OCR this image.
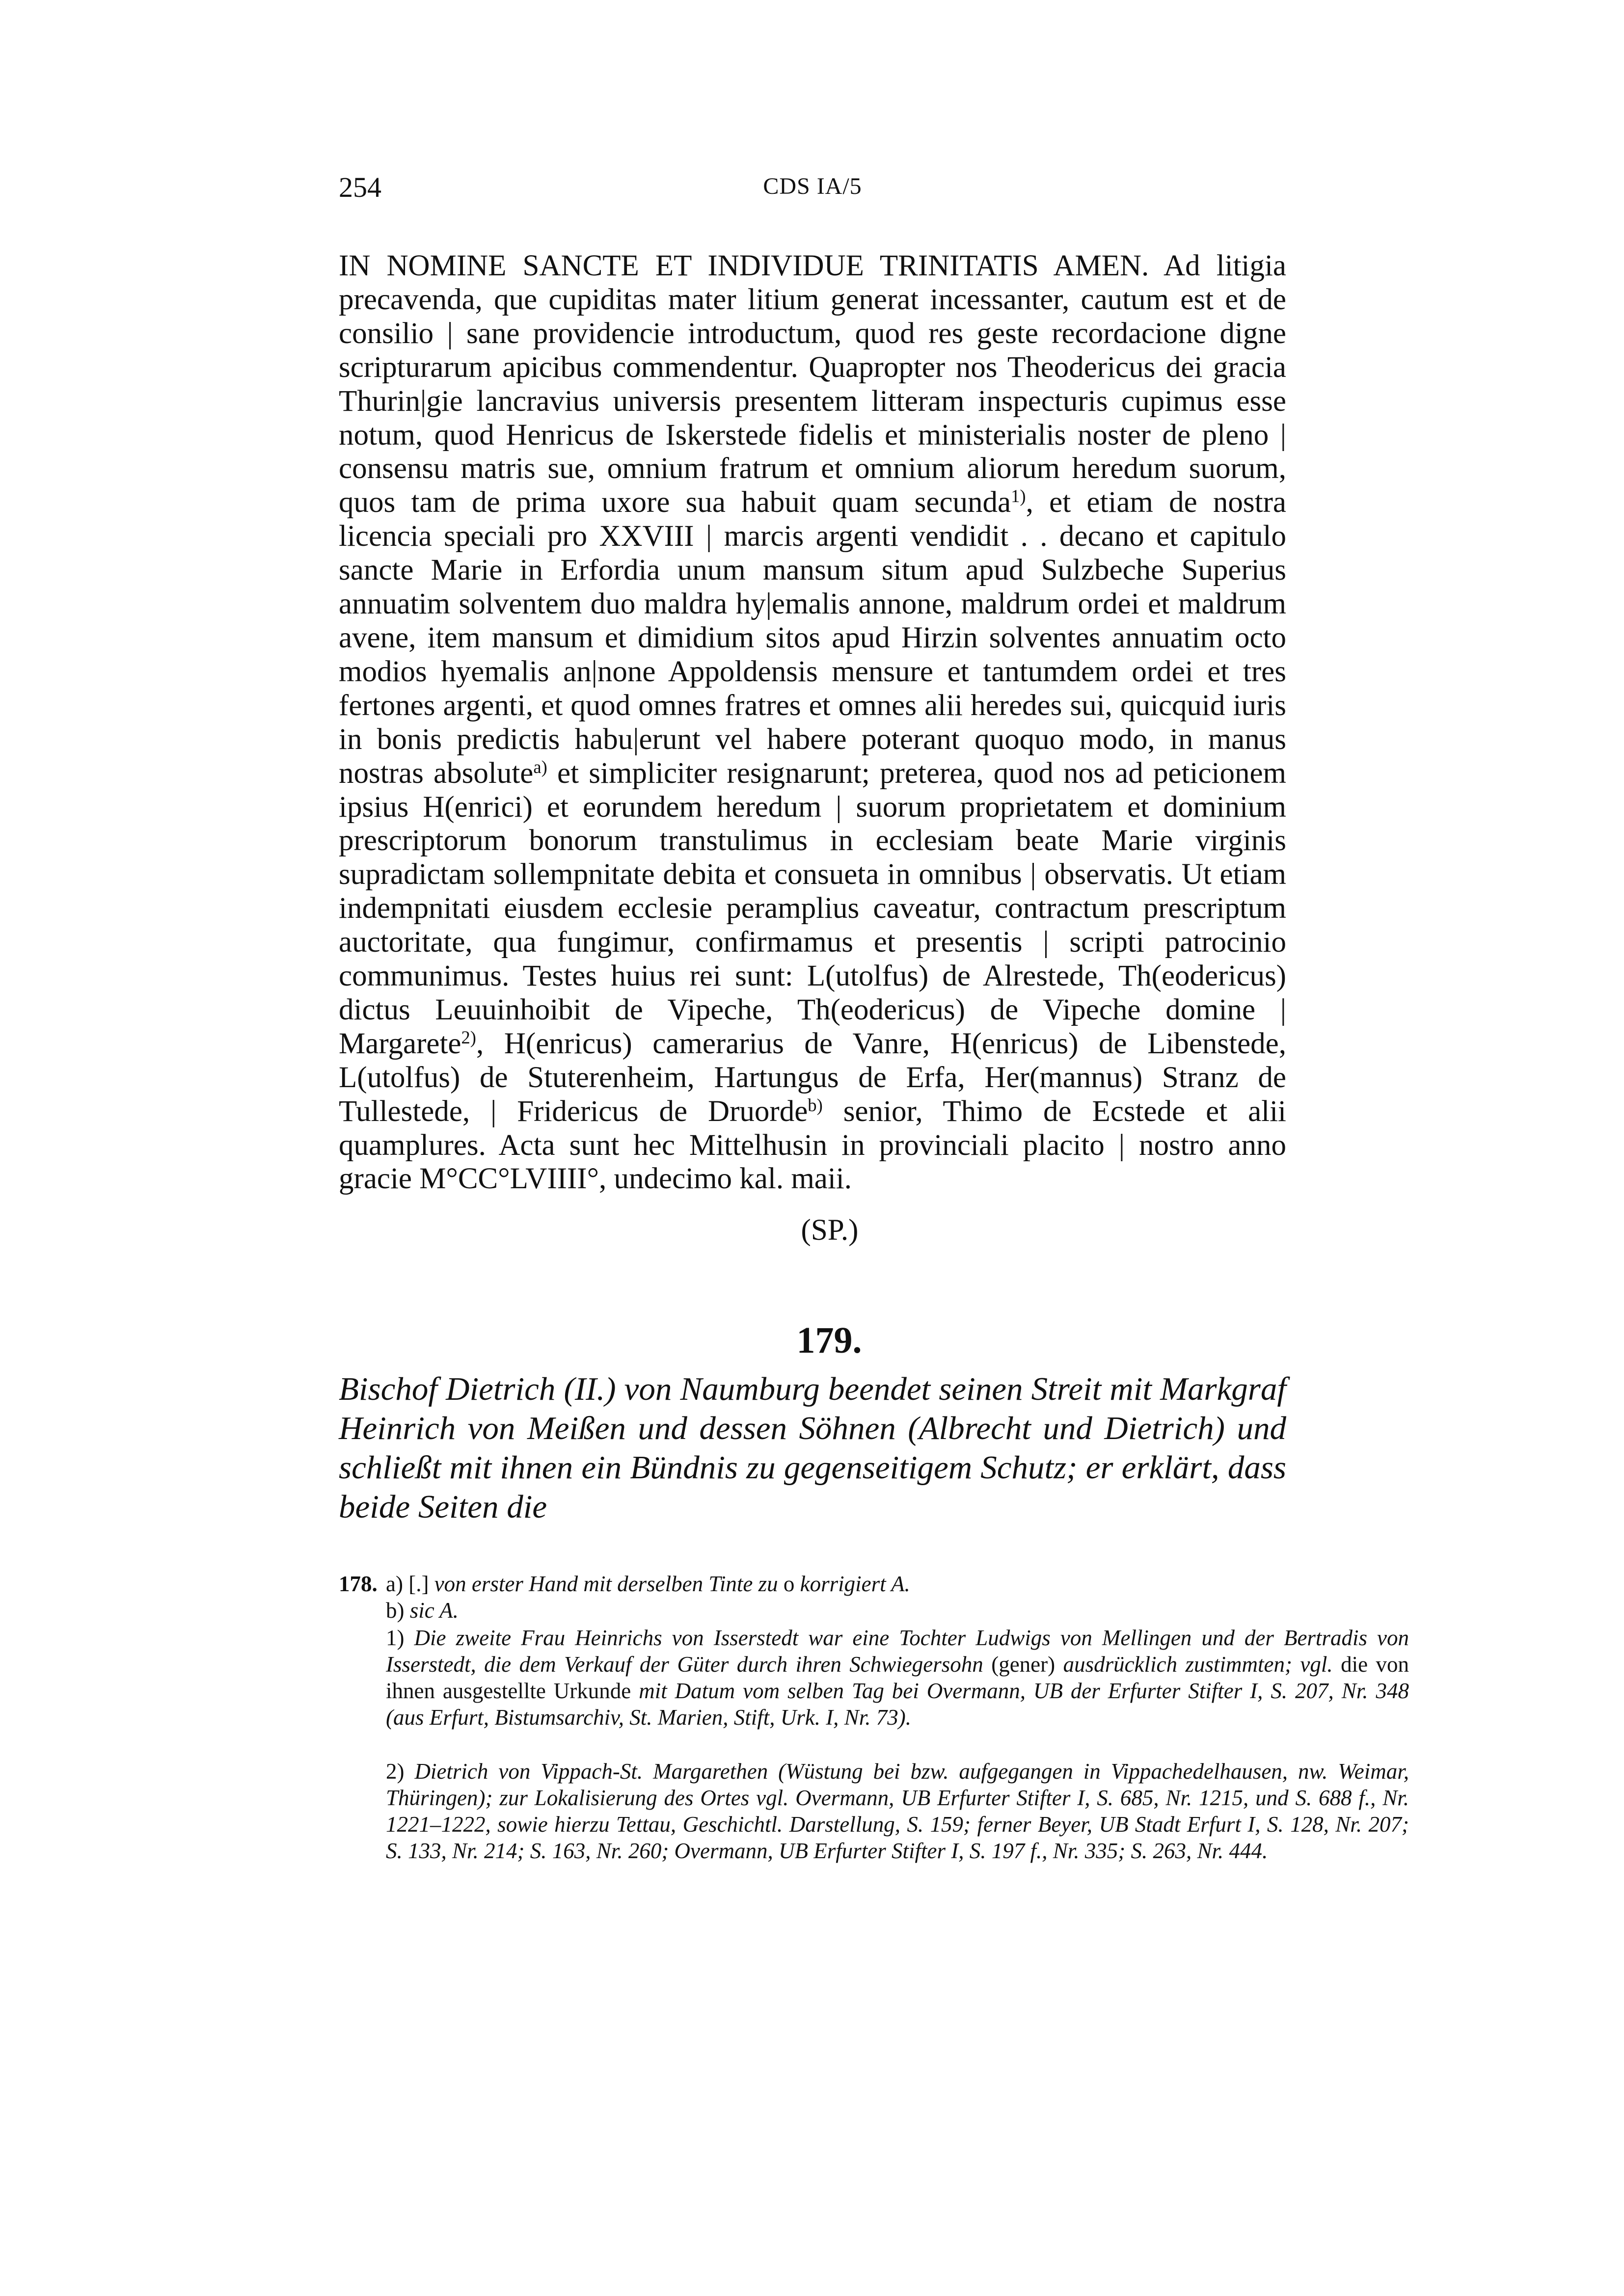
254	CDS IA/5

IN NOMINE SANCTE ET INDIVIDUE TRINITATIS AMEN. Ad litigia precavenda, que cupiditas mater litium generat incessanter, cautum est et de consilio | sane providencie introductum, quod res geste recordacione digne scripturarum apicibus commendentur. Quapropter nos Theodericus dei gracia Thurin|gie lancravius universis presentem litteram inspecturis cupimus esse notum, quod Henricus de Iskerstede fidelis et ministerialis noster de pleno | consensu matris sue, omnium fratrum et omnium aliorum heredum suorum, quos tam de prima uxore sua habuit quam secunda$^{1)}$, et etiam de nostra licencia speciali pro XXVIII | marcis argenti vendidit . . decano et capitulo sancte Marie in Erfordia unum mansum situm apud Sulzbeche Superius annuatim solventem duo maldra hy|emalis annone, maldrum ordei et maldrum avene, item mansum et dimidium sitos apud Hirzin solventes annuatim octo modios hyemalis an|none Appoldensis mensure et tantumdem ordei et tres fertones argenti, et quod omnes fratres et omnes alii heredes sui, quicquid iuris in bonis predictis habu|erunt vel habere poterant quoquo modo, in manus nostras absolute$^{a)}$ et simpliciter resignarunt; preterea, quod nos ad peticionem ipsius H(enrici) et eorundem heredum | suorum proprietatem et dominium prescriptorum bonorum transtulimus in ecclesiam beate Marie virginis supradictam sollempnitate debita et consueta in omnibus | observatis. Ut etiam indempnitati eiusdem ecclesie peramplius caveatur, contractum prescriptum auctoritate, qua fungimur, confirmamus et presentis | scripti patrocinio communimus. Testes huius rei sunt: L(utolfus) de Alrestede, Th(eodericus) dictus Leuuinhoibit de Vipeche, Th(eodericus) de Vipeche domine | Margarete$^{2)}$, H(enricus) camerarius de Vanre, H(enricus) de Libenstede, L(utolfus) de Stuterenheim, Hartungus de Erfa, Her(mannus) Stranz de Tullestede, | Fridericus de Druorde$^{b)}$ senior, Thimo de Ecstede et alii quamplures. Acta sunt hec Mittelhusin in provinciali placito | nostro anno gracie M°CC°LVIIII°, undecimo kal. maii.

(SP.)
179.

Bischof Dietrich (II.) von Naumburg beendet seinen Streit mit Markgraf Heinrich von Meißen und dessen Söhnen (Albrecht und Dietrich) und schließt mit ihnen ein Bündnis zu gegenseitigem Schutz; er erklärt, dass beide Seiten die

178. a) [.] von erster Hand mit derselben Tinte zu o korrigiert A.

b) sic A.

1) Die zweite Frau Heinrichs von Isserstedt war eine Tochter Ludwigs von Mellingen und der Bertradis von Isserstedt, die dem Verkauf der Güter durch ihren Schwiegersohn (gener) ausdrücklich zustimmten; vgl. die von ihnen ausgestellte Urkunde mit Datum vom selben Tag bei Overmann, UB der Erfurter Stifter I, S. 207, Nr. 348 (aus Erfurt, Bistumsarchiv, St. Marien, Stift, Urk. I, Nr. 73).

2) Dietrich von Vippach-St. Margarethen (Wüstung bei bzw. aufgegangen in Vippachedelhausen, nw. Weimar, Thüringen); zur Lokalisierung des Ortes vgl. Overmann, UB Erfurter Stifter I, S. 685, Nr. 1215, und S. 688 f., Nr. 1221–1222, sowie hierzu Tettau, Geschichtl. Darstellung, S. 159; ferner Beyer, UB Stadt Erfurt I, S. 128, Nr. 207; S. 133, Nr. 214; S. 163, Nr. 260; Overmann, UB Erfurter Stifter I, S. 197 f., Nr. 335; S. 263, Nr. 444.
